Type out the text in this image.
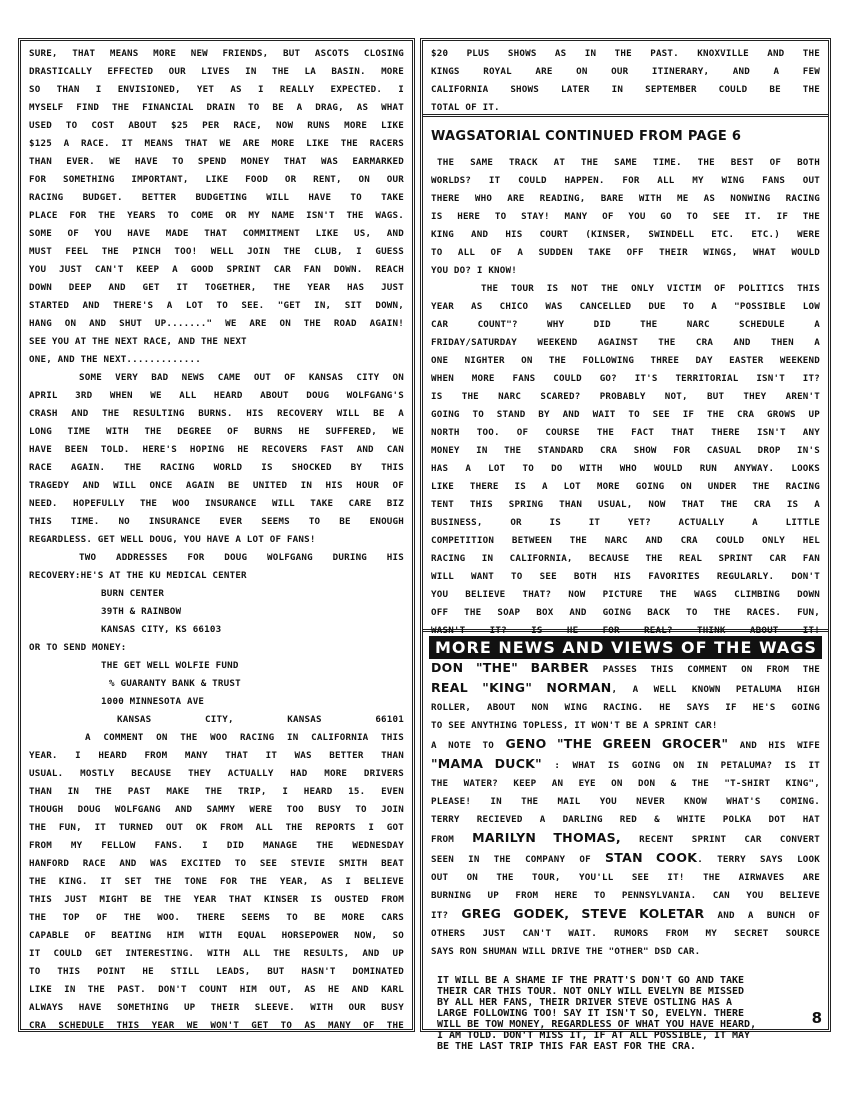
SURE, THAT MEANS MORE NEW FRIENDS, BUT ASCOTS CLOSING
DRASTICALLY EFFECTED OUR LIVES IN THE LA BASIN. MORE
SO THAN I ENVISIONED, YET AS I REALLY EXPECTED. I
MYSELF FIND THE FINANCIAL DRAIN TO BE A DRAG, AS WHAT
USED TO COST ABOUT $25 PER RACE, NOW RUNS MORE LIKE
$125 A RACE. IT MEANS THAT WE ARE MORE LIKE THE RACERS
THAN EVER. WE HAVE TO SPEND MONEY THAT WAS EARMARKED
FOR SOMETHING IMPORTANT, LIKE FOOD OR RENT, ON OUR
RACING BUDGET. BETTER BUDGETING WILL HAVE TO TAKE
PLACE FOR THE YEARS TO COME OR MY NAME ISN'T THE WAGS.
SOME OF YOU HAVE MADE THAT COMMITMENT LIKE US, AND
MUST FEEL THE PINCH TOO! WELL JOIN THE CLUB, I GUESS
YOU JUST CAN'T KEEP A GOOD SPRINT CAR FAN DOWN. REACH
DOWN DEEP AND GET IT TOGETHER, THE YEAR HAS JUST
STARTED AND THERE'S A LOT TO SEE. "GET IN, SIT DOWN,
HANG ON AND SHUT UP......." WE ARE ON THE ROAD AGAIN!
SEE YOU AT THE NEXT RACE, AND THE NEXT
ONE, AND THE NEXT.............
SOME VERY BAD NEWS CAME OUT OF KANSAS CITY ON
APRIL 3RD WHEN WE ALL HEARD ABOUT DOUG WOLFGANG'S
CRASH AND THE RESULTING BURNS. HIS RECOVERY WILL BE A
LONG TIME WITH THE DEGREE OF BURNS HE SUFFERED, WE
HAVE BEEN TOLD. HERE'S HOPING HE RECOVERS FAST AND CAN
RACE AGAIN. THE RACING WORLD IS SHOCKED BY THIS
TRAGEDY AND WILL ONCE AGAIN BE UNITED IN HIS HOUR OF
NEED. HOPEFULLY THE WOO INSURANCE WILL TAKE CARE BIZ
THIS TIME. NO INSURANCE EVER SEEMS TO BE ENOUGH
REGARDLESS. GET WELL DOUG, YOU HAVE A LOT OF FANS!
TWO ADDRESSES FOR DOUG WOLFGANG DURING HIS
RECOVERY:HE'S AT THE KU MEDICAL CENTER
BURN CENTER
39TH & RAINBOW
KANSAS CITY, KS 66103
OR TO SEND MONEY:
THE GET WELL WOLFIE FUND
% GUARANTY BANK & TRUST
1000 MINNESOTA AVE
KANSAS CITY, KANSAS 66101
A COMMENT ON THE WOO RACING IN CALIFORNIA THIS
YEAR. I HEARD FROM MANY THAT IT WAS BETTER THAN
USUAL. MOSTLY BECAUSE THEY ACTUALLY HAD MORE DRIVERS
THAN IN THE PAST MAKE THE TRIP, I HEARD 15. EVEN
THOUGH DOUG WOLFGANG AND SAMMY WERE TOO BUSY TO JOIN
THE FUN, IT TURNED OUT OK FROM ALL THE REPORTS I GOT
FROM MY FELLOW FANS. I DID MANAGE THE WEDNESDAY
HANFORD RACE AND WAS EXCITED TO SEE STEVIE SMITH BEAT
THE KING. IT SET THE TONE FOR THE YEAR, AS I BELIEVE
THIS JUST MIGHT BE THE YEAR THAT KINSER IS OUSTED FROM
THE TOP OF THE WOO. THERE SEEMS TO BE MORE CARS
CAPABLE OF BEATING HIM WITH EQUAL HORSEPOWER NOW, SO
IT COULD GET INTERESTING. WITH ALL THE RESULTS, AND UP
TO THIS POINT HE STILL LEADS, BUT HASN'T DOMINATED
LIKE IN THE PAST. DON'T COUNT HIM OUT, AS HE AND KARL
ALWAYS HAVE SOMETHING UP THEIR SLEEVE. WITH OUR BUSY
CRA SCHEDULE THIS YEAR WE WON'T GET TO AS MANY OF THE
$20 PLUS SHOWS AS IN THE PAST. KNOXVILLE AND THE
KINGS ROYAL ARE ON OUR ITINERARY, AND A FEW
CALIFORNIA SHOWS LATER IN SEPTEMBER COULD BE THE
TOTAL OF IT.
WAGSATORIAL CONTINUED FROM PAGE 6
THE SAME TRACK AT THE SAME TIME. THE BEST OF BOTH
WORLDS? IT COULD HAPPEN. FOR ALL MY WING FANS OUT
THERE WHO ARE READING, BARE WITH ME AS NONWING RACING
IS HERE TO STAY! MANY OF YOU GO TO SEE IT. IF THE
KING AND HIS COURT (KINSER, SWINDELL ETC. ETC.) WERE
TO ALL OF A SUDDEN TAKE OFF THEIR WINGS, WHAT WOULD
YOU DO? I KNOW!
THE TOUR IS NOT THE ONLY VICTIM OF POLITICS THIS
YEAR AS CHICO WAS CANCELLED DUE TO A "POSSIBLE LOW
CAR COUNT"? WHY DID THE NARC SCHEDULE A
FRIDAY/SATURDAY WEEKEND AGAINST THE CRA AND THEN A
ONE NIGHTER ON THE FOLLOWING THREE DAY EASTER WEEKEND
WHEN MORE FANS COULD GO? IT'S TERRITORIAL ISN'T IT?
IS THE NARC SCARED? PROBABLY NOT, BUT THEY AREN'T
GOING TO STAND BY AND WAIT TO SEE IF THE CRA GROWS UP
NORTH TOO. OF COURSE THE FACT THAT THERE ISN'T ANY
MONEY IN THE STANDARD CRA SHOW FOR CASUAL DROP IN'S
HAS A LOT TO DO WITH WHO WOULD RUN ANYWAY. LOOKS
LIKE THERE IS A LOT MORE GOING ON UNDER THE RACING
TENT THIS SPRING THAN USUAL, NOW THAT THE CRA IS A
BUSINESS, OR IS IT YET? ACTUALLY A LITTLE
COMPETITION BETWEEN THE NARC AND CRA COULD ONLY HEL
RACING IN CALIFORNIA, BECAUSE THE REAL SPRINT CAR FAN
WILL WANT TO SEE BOTH HIS FAVORITES REGULARLY. DON'T
YOU BELIEVE THAT? NOW PICTURE THE WAGS CLIMBING DOWN
OFF THE SOAP BOX AND GOING BACK TO THE RACES. FUN,
WASN'T IT? IS HE FOR REAL? THINK ABOUT IT!
MORE NEWS AND VIEWS OF THE WAGS
DON "THE" BARBER PASSES THIS COMMENT ON FROM THE
REAL "KING" NORMAN, A WELL KNOWN PETALUMA HIGH
ROLLER, ABOUT NON WING RACING. HE SAYS IF HE'S GOING
TO SEE ANYTHING TOPLESS, IT WON'T BE A SPRINT CAR!
A NOTE TO GENO "THE GREEN GROCER" AND HIS WIFE
"MAMA DUCK" : WHAT IS GOING ON IN PETALUMA? IS IT
THE WATER? KEEP AN EYE ON DON & THE "T-SHIRT KING",
PLEASE! IN THE MAIL YOU NEVER KNOW WHAT'S COMING.
TERRY RECIEVED A DARLING RED & WHITE POLKA DOT HAT
FROM MARILYN THOMAS, RECENT SPRINT CAR CONVERT
SEEN IN THE COMPANY OF STAN COOK. TERRY SAYS LOOK
OUT ON THE TOUR, YOU'LL SEE IT! THE AIRWAVES ARE
BURNING UP FROM HERE TO PENNSYLVANIA. CAN YOU BELIEVE
IT? GREG GODEK, STEVE KOLETAR AND A BUNCH OF
OTHERS JUST CAN'T WAIT. RUMORS FROM MY SECRET SOURCE
SAYS RON SHUMAN WILL DRIVE THE "OTHER" DSD CAR.
IT WILL BE A SHAME IF THE PRATT'S DON'T GO AND TAKE
THEIR CAR THIS TOUR. NOT ONLY WILL EVELYN BE MISSED
BY ALL HER FANS, THEIR DRIVER STEVE OSTLING HAS A
LARGE FOLLOWING TOO! SAY IT ISN'T SO, EVELYN. THERE
WILL BE TOW MONEY, REGARDLESS OF WHAT YOU HAVE HEARD,
I AM TOLD. DON'T MISS IT, IF AT ALL POSSIBLE, IT MAY
BE THE LAST TRIP THIS FAR EAST FOR THE CRA.
8
